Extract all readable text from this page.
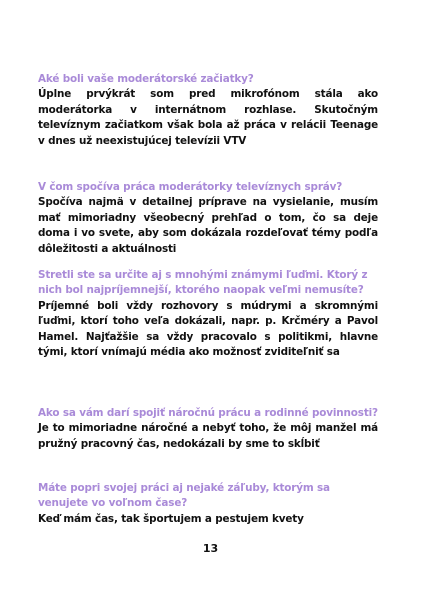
Aké boli vaše moderátorské začiatky?
Úplne prvýkrát som pred mikrofónom stála ako moderátorka v internátnom rozhlase. Skutočným televíznym začiatkom však bola až práca v relácii Teenage v dnes už neexistujúcej televízii VTV
V čom spočíva práca moderátorky televíznych správ?
Spočíva najmä v detailnej príprave na vysielanie, musím mať mimoriadny všeobecný prehľad o tom, čo sa deje doma i vo svete, aby som dokázala rozdeľovať témy podľa dôležitosti a aktuálnosti
Stretli ste sa určite aj s mnohými známymi ľuďmi. Ktorý z nich bol najpríjemnejší, ktorého naopak veľmi nemusíte?
Príjemné boli vždy rozhovory s múdrymi a skromnými ľuďmi, ktorí toho veľa dokázali, napr. p. Krčméry a Pavol Hamel. Najťažšie sa vždy pracovalo s politikmi, hlavne tými, ktorí vnímajú média ako možnosť zviditeľniť sa
Ako sa vám darí spojiť náročnú prácu a rodinné povinnosti?
Je to mimoriadne náročné a nebyť toho, že môj manžel má pružný pracovný čas, nedokázali by sme to skĺbiť
Máte popri svojej práci aj nejaké záľuby, ktorým sa venujete vo voľnom čase?
Keď mám čas, tak športujem a pestujem kvety
13
